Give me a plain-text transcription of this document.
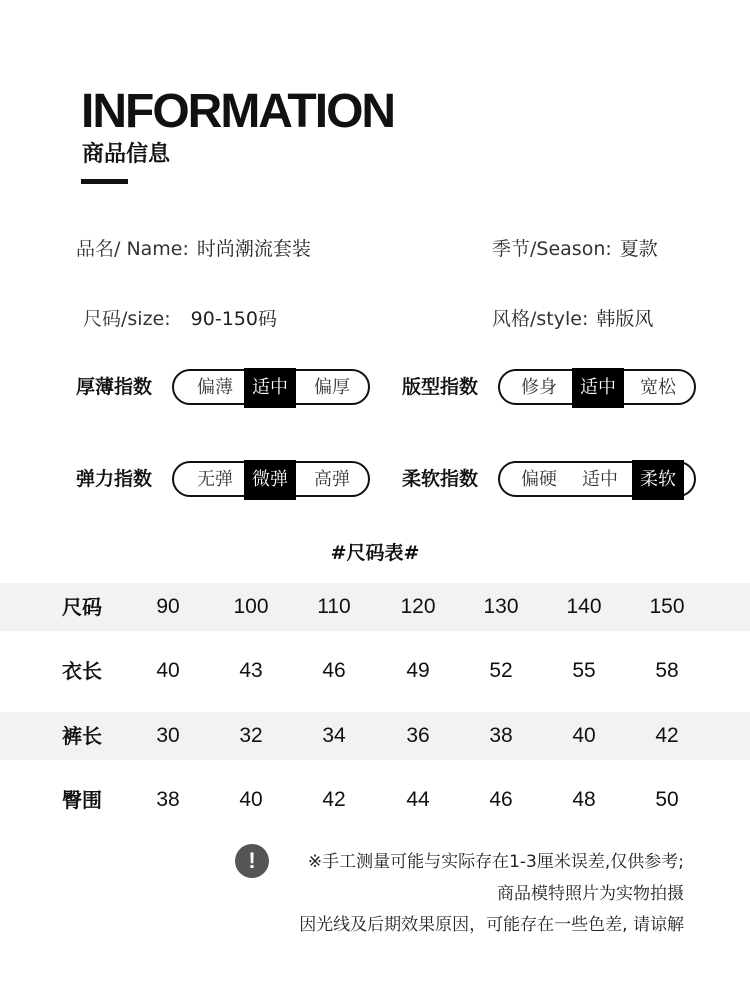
INFORMATION
商品信息
品名/ Name: 时尚潮流套装	季节/Season: 夏款
尺码/size: 90-150码	风格/style: 韩版风
厚薄指数	偏薄	适中	偏厚	版型指数	修身	适中	宽松
弹力指数	无弹	微弹	高弹	柔软指数	偏硬	适中	柔软
#尺码表#
尺码	90	100	110	120	130	140	150
衣长	40	43	46	49	52	55	58
裤长	30	32	34	36	38	40	42
臀围	38	40	42	44	46	48	50
!	※手工测量可能与实际存在1-3厘米误差,仅供参考;
商品模特照片为实物拍摄
因光线及后期效果原因，可能存在一些色差, 请谅解
